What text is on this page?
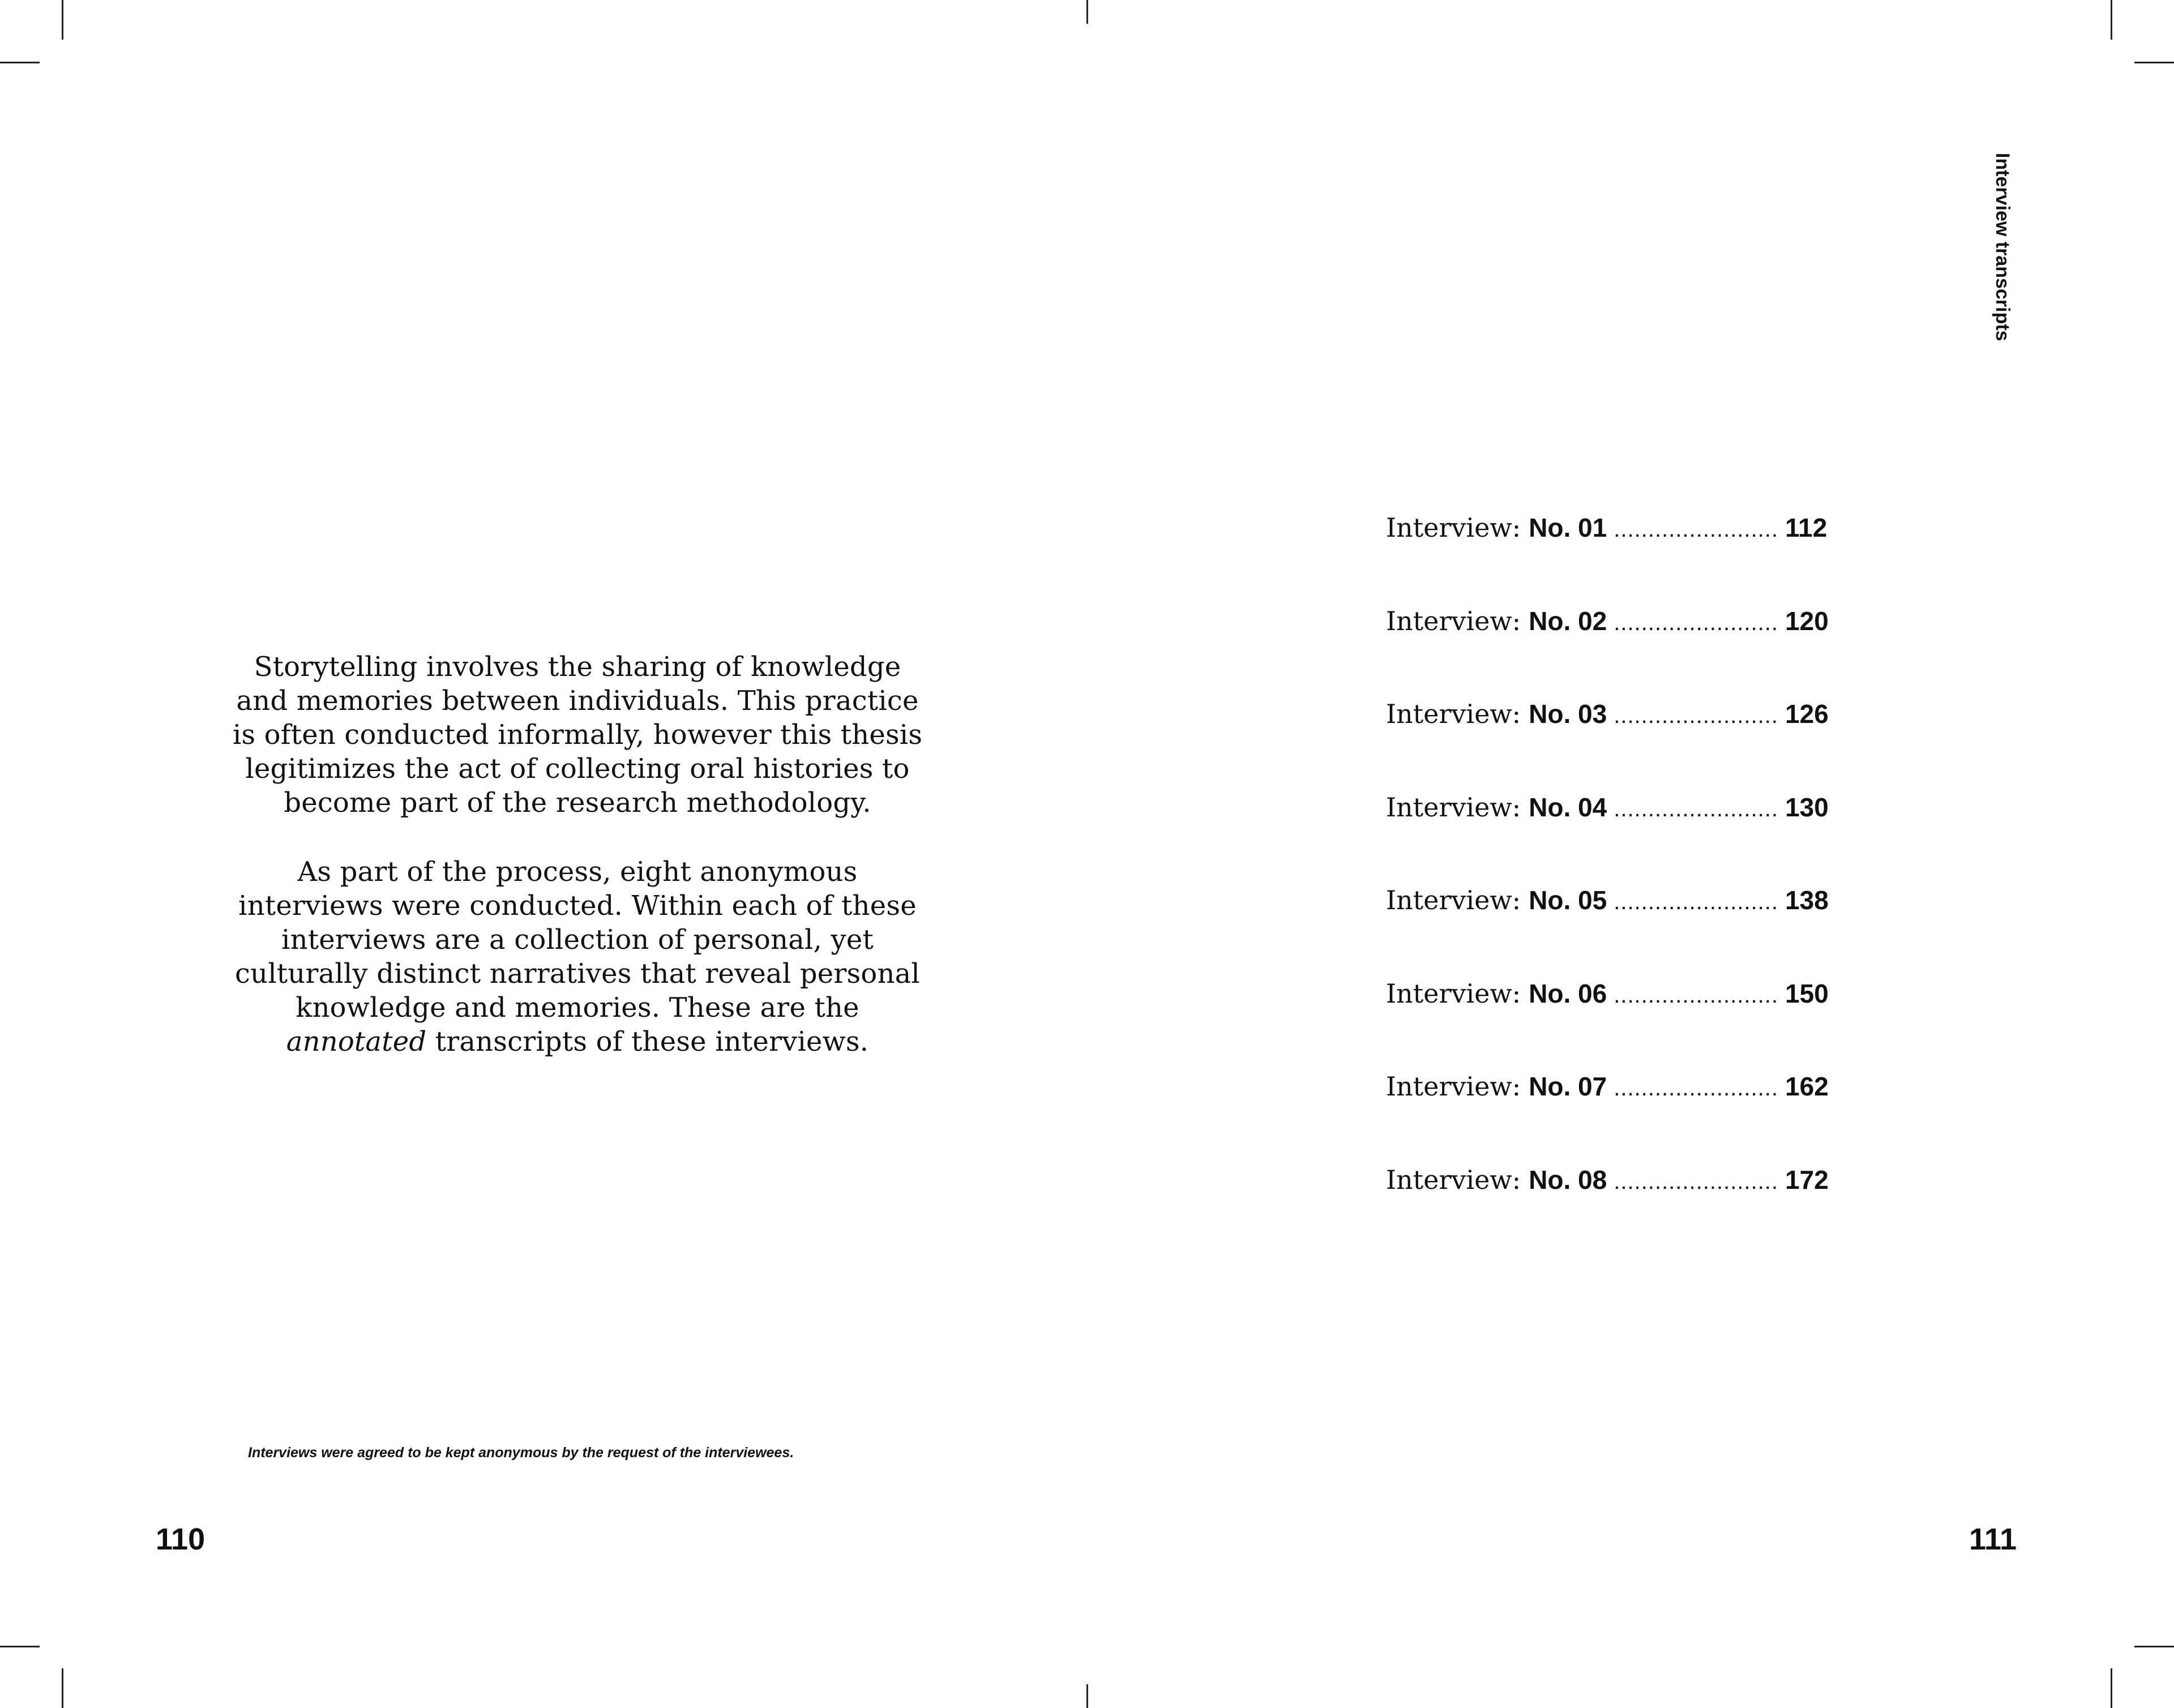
Storytelling involves the sharing of knowledge and memories between individuals. This practice is often conducted informally, however this thesis legitimizes the act of collecting oral histories to become part of the research methodology.

As part of the process, eight anonymous interviews were conducted. Within each of these interviews are a collection of personal, yet culturally distinct narratives that reveal personal knowledge and memories. These are the annotated transcripts of these interviews.

Interviews were agreed to be kept anonymous by the request of the interviewees.
110
Interview transcripts
Interview: No. 01 ........................ 112
Interview: No. 02 ........................ 120
Interview: No. 03 ........................ 126
Interview: No. 04 ........................ 130
Interview: No. 05 ........................ 138
Interview: No. 06 ........................ 150
Interview: No. 07 ........................ 162
Interview: No. 08 ........................ 172
111
